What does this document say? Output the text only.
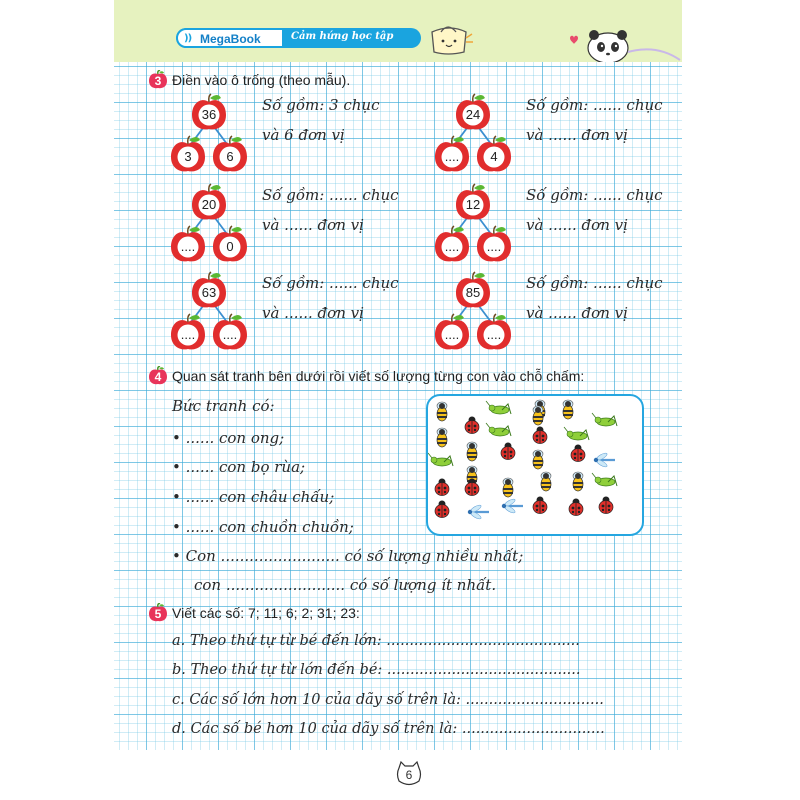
)) MegaBook	Cảm hứng học tập
3 Điền vào ô trống (theo mẫu).
36
3	6
Số gồm: 3 chục
và 6 đơn vị
24
....	4
Số gồm: ...... chục
và ...... đơn vị
20
....	0
Số gồm: ...... chục
và ...... đơn vị
12
....	....
Số gồm: ...... chục
và ...... đơn vị
63
....	....
Số gồm: ...... chục
và ...... đơn vị
85
....	....
Số gồm: ...... chục
và ...... đơn vị
4 Quan sát tranh bên dưới rồi viết số lượng từng con vào chỗ chấm:
Bức tranh có:
• ...... con ong;
• ...... con bọ rùa;
• ...... con châu chấu;
• ...... con chuồn chuồn;
• Con ......................... có số lượng nhiều nhất;
con ......................... có số lượng ít nhất.
5 Viết các số: 7; 11; 6; 2; 31; 23:
a. Theo thứ tự từ bé đến lớn: ..........................................
b. Theo thứ tự từ lớn đến bé: ..........................................
c. Các số lớn hơn 10 của dãy số trên là: ..............................
d. Các số bé hơn 10 của dãy số trên là: ...............................
6
